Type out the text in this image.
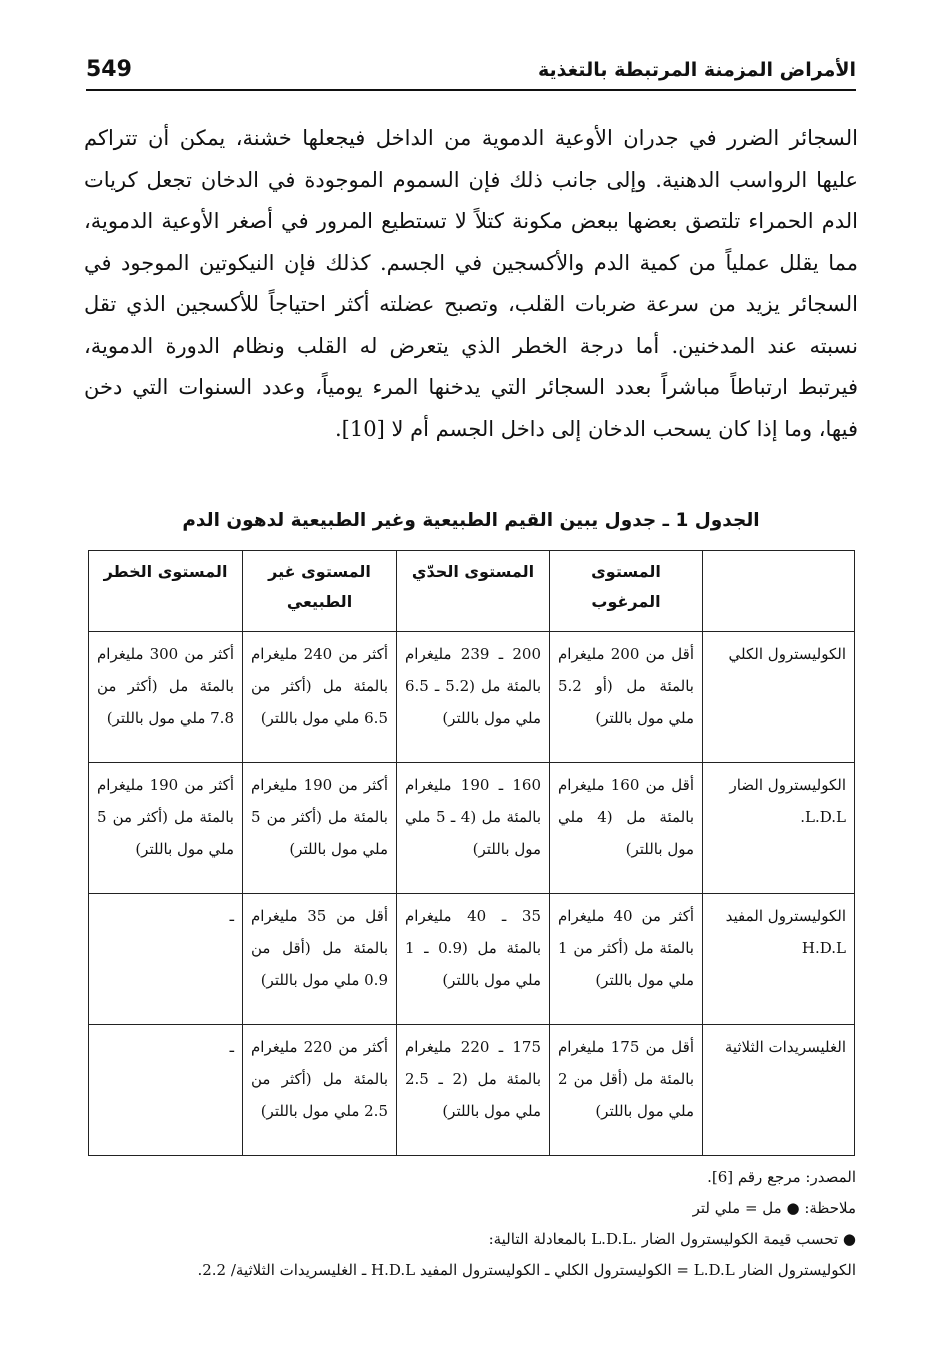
الأمراض المزمنة المرتبطة بالتغذية
549

السجائر الضرر في جدران الأوعية الدموية من الداخل فيجعلها خشنة، يمكن أن تتراكم عليها الرواسب الدهنية. وإلى جانب ذلك فإن السموم الموجودة في الدخان تجعل كريات الدم الحمراء تلتصق بعضها ببعض مكونة كتلاً لا تستطيع المرور في أصغر الأوعية الدموية، مما يقلل عملياً من كمية الدم والأكسجين في الجسم. كذلك فإن النيكوتين الموجود في السجائر يزيد من سرعة ضربات القلب، وتصبح عضلته أكثر احتياجاً للأكسجين الذي تقل نسبته عند المدخنين. أما درجة الخطر الذي يتعرض له القلب ونظام الدورة الدموية، فيرتبط ارتباطاً مباشراً بعدد السجائر التي يدخنها المرء يومياً، وعدد السنوات التي دخن فيها، وما إذا كان يسحب الدخان إلى داخل الجسم أم لا [10].

الجدول 1 ـ جدول يبين القيم الطبيعية وغير الطبيعية لدهون الدم
	المستوى المرغوب	المستوى الحدّي	المستوى غير الطبيعي	المستوى الخطر
الكوليسترول الكلي	أقل من 200 مليغرام بالمئة مل (أو 5.2 ملي مول باللتر)	200 ـ 239 مليغرام بالمئة مل (5.2 ـ 6.5 ملي مول باللتر)	أكثر من 240 مليغرام بالمئة مل (أكثر من 6.5 ملي مول باللتر)	أكثر من 300 مليغرام بالمئة مل (أكثر من 7.8 ملي مول باللتر)
الكوليسترول الضار L.D.L.	أقل من 160 مليغرام بالمئة مل (4 ملي مول باللتر)	160 ـ 190 مليغرام بالمئة مل (4 ـ 5 ملي مول باللتر)	أكثر من 190 مليغرام بالمئة مل (أكثر من 5 ملي مول باللتر)	أكثر من 190 مليغرام بالمئة مل (أكثر من 5 ملي مول باللتر)
الكوليسترول المفيد H.D.L	أكثر من 40 مليغرام بالمئة مل (أكثر من 1 ملي مول باللتر)	35 ـ 40 مليغرام بالمئة مل (0.9 ـ 1 ملي مول باللتر)	أقل من 35 مليغرام بالمئة مل (أقل من 0.9 ملي مول باللتر)	ـ
الغليسريدات الثلاثية	أقل من 175 مليغرام بالمئة مل (أقل من 2 ملي مول باللتر)	175 ـ 220 مليغرام بالمئة مل (2 ـ 2.5 ملي مول باللتر)	أكثر من 220 مليغرام بالمئة مل (أكثر من 2.5 ملي مول باللتر)	ـ

المصدر: مرجع رقم [6].

ملاحظة: ● مل = ملي لتر

● تحسب قيمة الكوليسترول الضار .L.D.L بالمعادلة التالية:

الكوليسترول الضار L.D.L = الكوليسترول الكلي ـ الكوليسترول المفيد H.D.L ـ الغليسريدات الثلاثية/ 2.2.
